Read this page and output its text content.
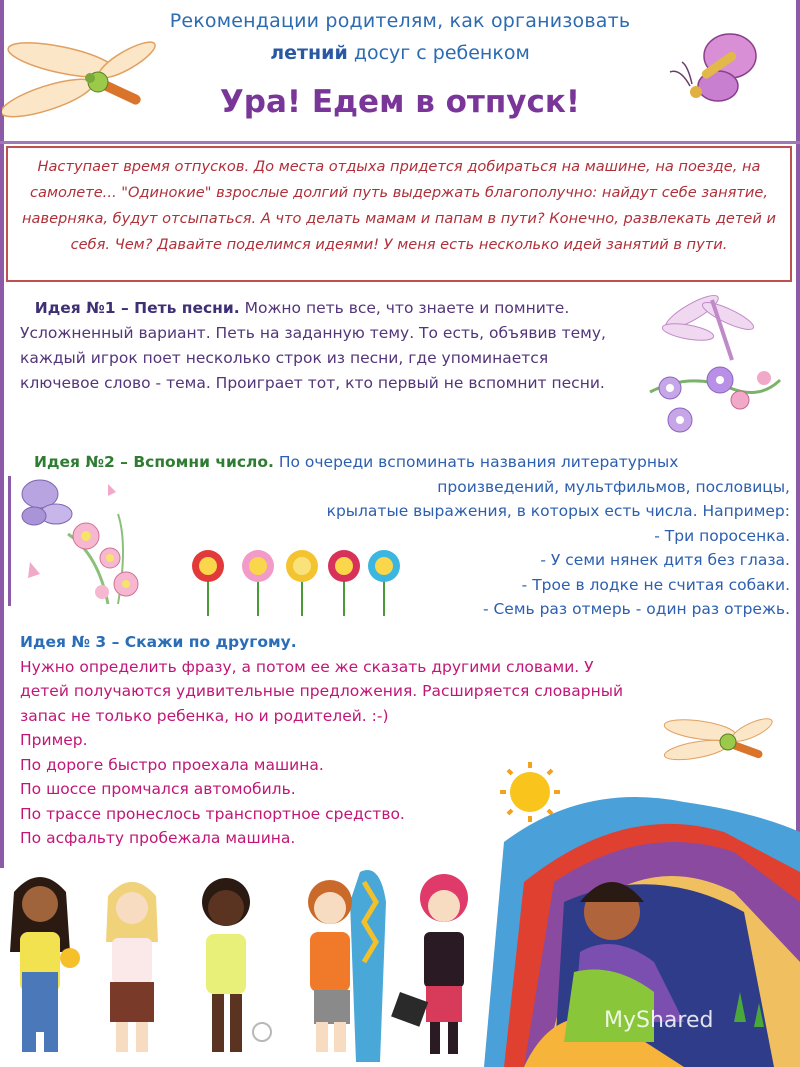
Рекомендации родителям, как организовать
летний досуг с ребенком
Ура! Едем в отпуск!
Наступает время отпусков. До места отдыха придется добираться на машине, на поезде, на самолете... "Одинокие" взрослые долгий путь выдержать благополучно: найдут себе занятие, наверняка, будут отсыпаться. А что делать мамам и папам в пути? Конечно, развлекать детей и себя. Чем? Давайте поделимся идеями! У меня есть несколько идей занятий в пути.
Идея №1 – Петь песни. Можно петь все, что знаете и помните. Усложненный вариант. Петь на заданную тему. То есть, объявив тему, каждый игрок поет несколько строк из песни, где упоминается ключевое слово - тема. Проиграет тот, кто первый не вспомнит песни.
Идея №2 – Вспомни число. По очереди вспоминать названия литературных
произведений, мультфильмов, пословицы,
крылатые выражения, в которых есть числа. Например:
- Три поросенка.
- У семи нянек дитя без глаза.
- Трое в лодке не считая собаки.
- Семь раз отмерь - один раз отрежь.
Идея № 3 – Скажи по другому.
Нужно определить фразу, а потом ее же сказать другими словами. У
детей получаются удивительные предложения. Расширяется словарный
запас не только ребенка, но и родителей. :-)
Пример.
По дороге быстро проехала машина.
По шоссе промчался автомобиль.
По трассе пронеслось транспортное средство.
По асфальту пробежала машина.
MyShared
